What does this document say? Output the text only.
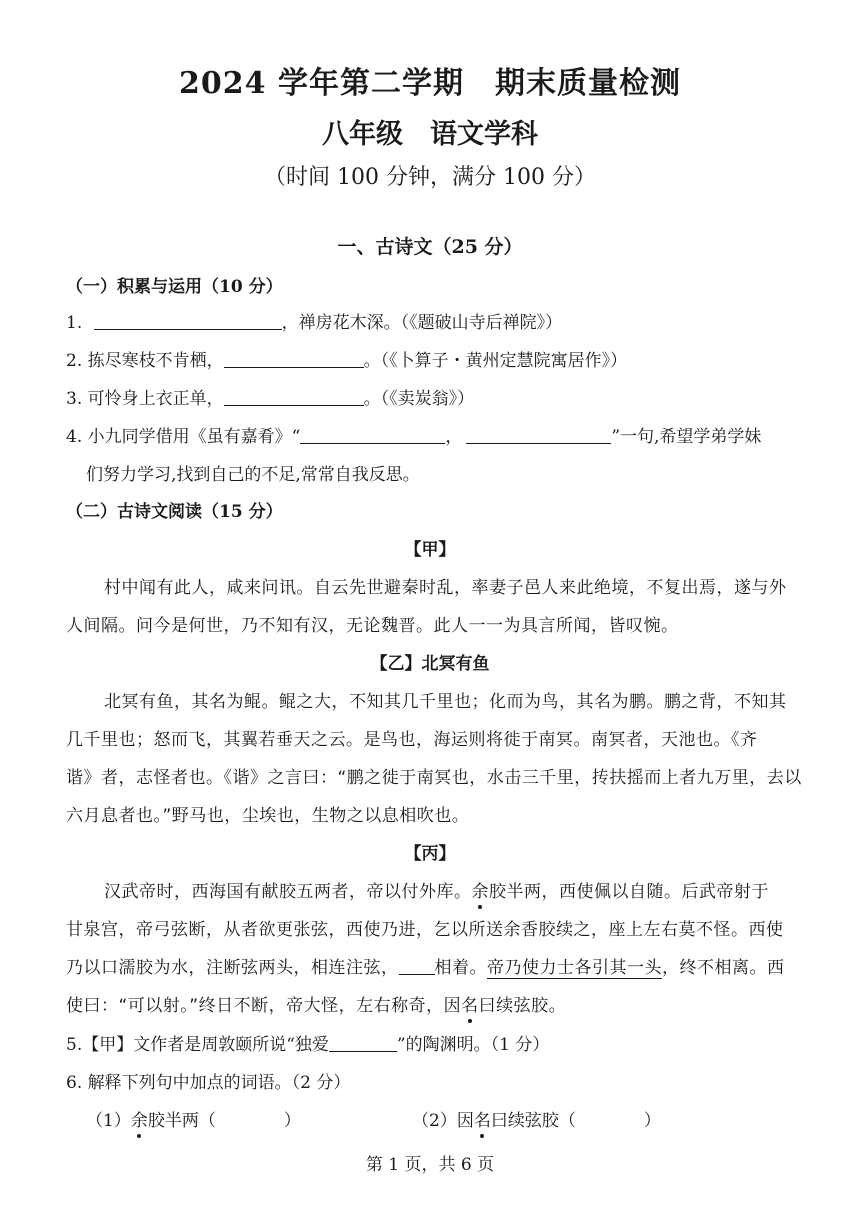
2024 学年第二学期　期末质量检测
八年级　语文学科
（时间 100 分钟，满分 100 分）
一、古诗文（25 分）
（一）积累与运用（10 分）
1.	，禅房花木深。（《题破山寺后禅院》）
2. 拣尽寒枝不肯栖，	。（《卜算子・黄州定慧院寓居作》）
3. 可怜身上衣正单，	。（《卖炭翁》）
4. 小九同学借用《虽有嘉肴》“	，	”一句,希望学弟学妹
们努力学习,找到自己的不足,常常自我反思。
（二）古诗文阅读（15 分）
【甲】
村中闻有此人，咸来问讯。自云先世避秦时乱，率妻子邑人来此绝境，不复出焉，遂与外
人间隔。问今是何世，乃不知有汉，无论魏晋。此人一一为具言所闻，皆叹惋。
【乙】北冥有鱼
北冥有鱼，其名为鲲。鲲之大，不知其几千里也；化而为鸟，其名为鹏。鹏之背，不知其
几千里也；怒而飞，其翼若垂天之云。是鸟也，海运则将徙于南冥。南冥者，天池也。《齐
谐》者，志怪者也。《谐》之言曰：“鹏之徙于南冥也，水击三千里，抟扶摇而上者九万里，去以
六月息者也。”野马也，尘埃也，生物之以息相吹也。
【丙】
汉武帝时，西海国有献胶五两者，帝以付外库。余胶半两，西使佩以自随。后武帝射于
甘泉宫，帝弓弦断，从者欲更张弦，西使乃进，乞以所送余香胶续之，座上左右莫不怪。西使
乃以口濡胶为水，注断弦两头，相连注弦， 相着。帝乃使力士各引其一头，终不相离。西
使曰：“可以射。”终日不断，帝大怪，左右称奇，因名曰续弦胶。
5.【甲】文作者是周敦颐所说“独爱	”的陶渊明。（1 分）
6. 解释下列句中加点的词语。（2 分）
（1）余胶半两（　　　　）	（2）因名曰续弦胶（　　　　）
第 1 页，共 6 页
